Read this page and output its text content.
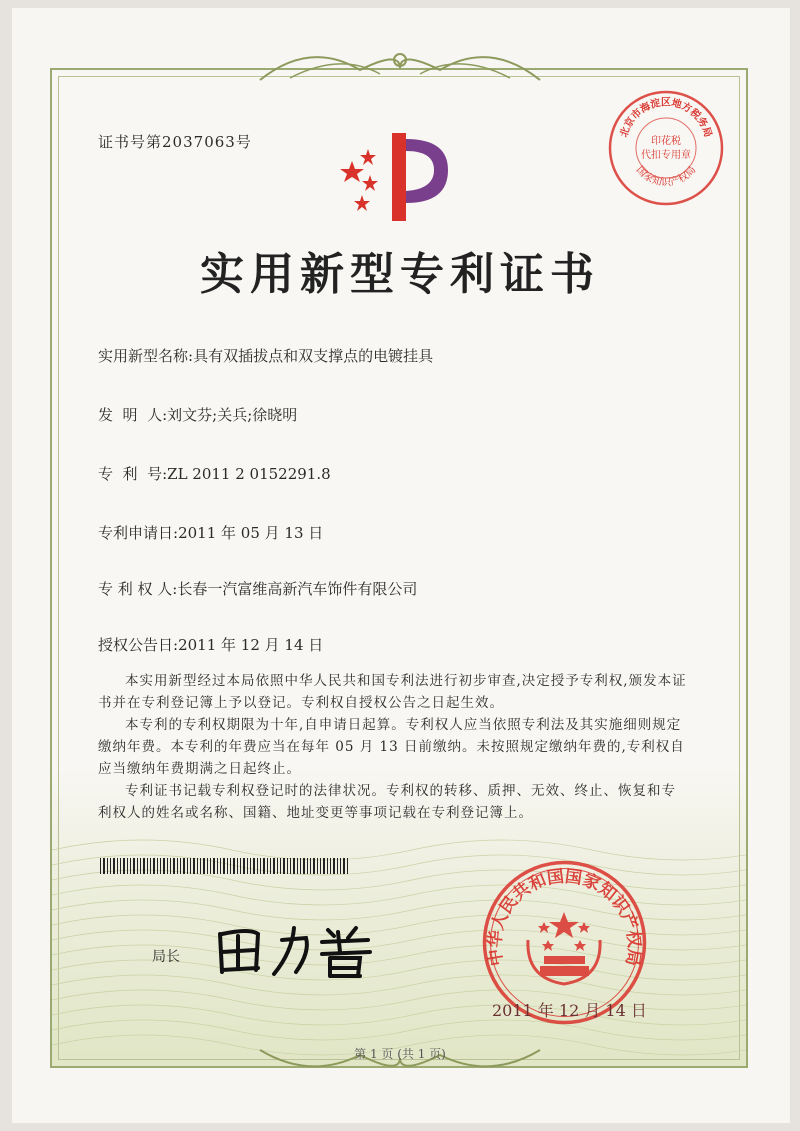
证书号第2037063号
实用新型专利证书
实用新型名称:具有双插拔点和双支撑点的电镀挂具
发  明  人:刘文芬;关兵;徐晓明
专  利  号:ZL 2011 2 0152291.8
专利申请日:2011 年 05 月 13 日
专 利 权 人:长春一汽富维高新汽车饰件有限公司
授权公告日:2011 年 12 月 14 日

本实用新型经过本局依照中华人民共和国专利法进行初步审查,决定授予专利权,颁发本证书并在专利登记簿上予以登记。专利权自授权公告之日起生效。

本专利的专利权期限为十年,自申请日起算。专利权人应当依照专利法及其实施细则规定缴纳年费。本专利的年费应当在每年 05 月 13 日前缴纳。未按照规定缴纳年费的,专利权自应当缴纳年费期满之日起终止。

专利证书记载专利权登记时的法律状况。专利权的转移、质押、无效、终止、恢复和专利权人的姓名或名称、国籍、地址变更等事项记载在专利登记簿上。

局长	中华人民共和国国家知识产权局
2011 年 12 月 14 日
北京市海淀区地方税务局
印花税
代扣专用章
国家知识产权局
第 1 页 (共 1 页)
